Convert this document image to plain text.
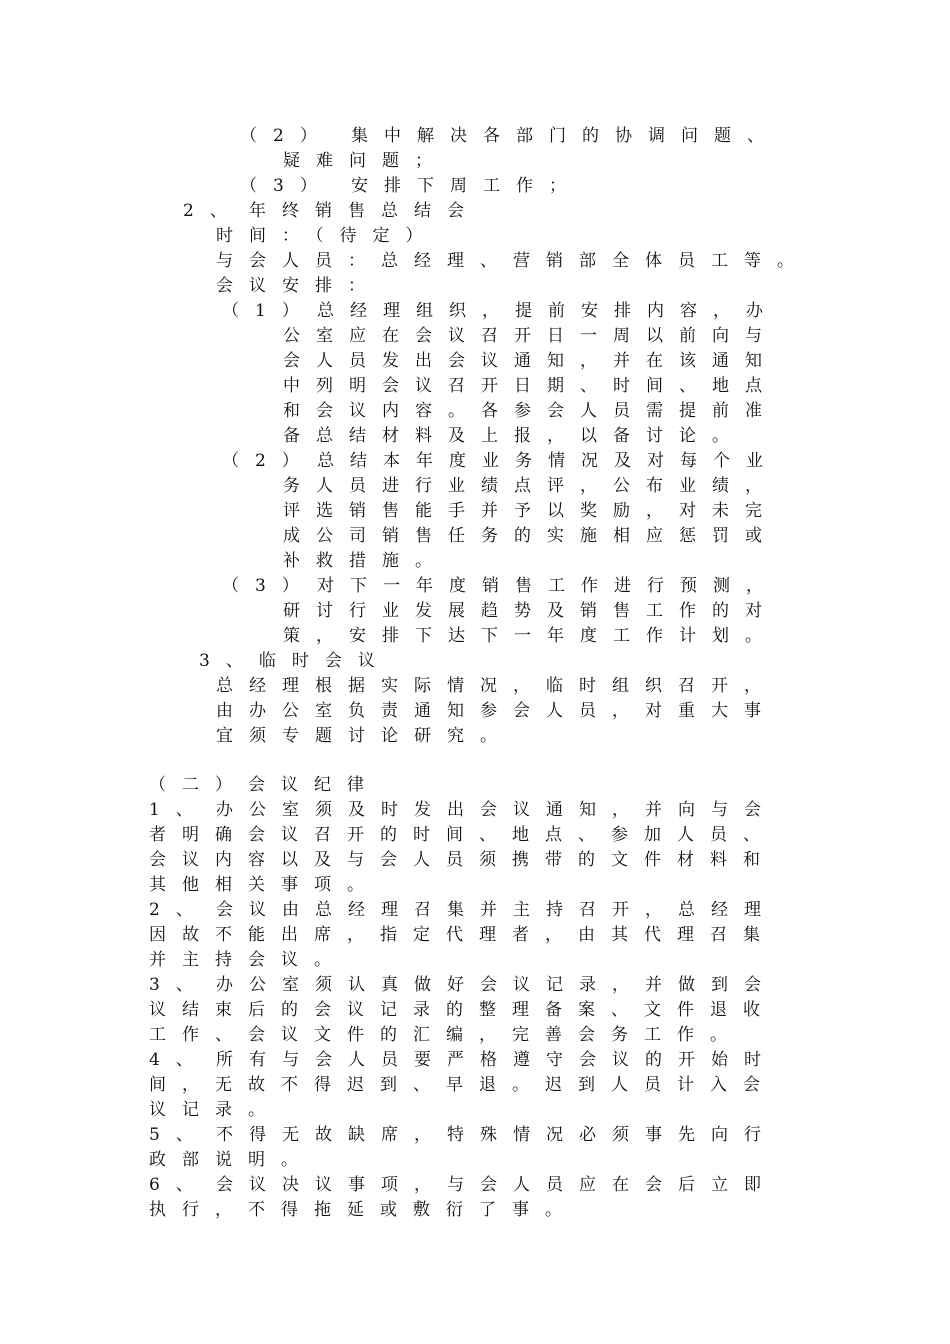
（2） 集中解决各部门的协调问题、
疑难问题；
（3） 安排下周工作；
2、 年终销售总结会
时间：（待定）
与会人员：总经理、营销部全体员工等。
会议安排：
（1） 总经理组织，提前安排内容，办
公室应在会议召开日一周以前向与
会人员发出会议通知，并在该通知
中列明会议召开日期、时间、地点
和会议内容。各参会人员需提前准
备总结材料及上报，以备讨论。
（2） 总结本年度业务情况及对每个业
务人员进行业绩点评，公布业绩，
评选销售能手并予以奖励，对未完
成公司销售任务的实施相应惩罚或
补救措施。
（3） 对下一年度销售工作进行预测，
研讨行业发展趋势及销售工作的对
策，安排下达下一年度工作计划。
3、临时会议
总经理根据实际情况，临时组织召开，
由办公室负责通知参会人员，对重大事
宜须专题讨论研究。
（二）会议纪律
1、 办公室须及时发出会议通知，并向与会
者明确会议召开的时间、地点、参加人员、
会议内容以及与会人员须携带的文件材料和
其他相关事项。
2、 会议由总经理召集并主持召开，总经理
因故不能出席，指定代理者，由其代理召集
并主持会议。
3、 办公室须认真做好会议记录，并做到会
议结束后的会议记录的整理备案、文件退收
工作、会议文件的汇编，完善会务工作。
4、 所有与会人员要严格遵守会议的开始时
间，无故不得迟到、早退。迟到人员计入会
议记录。
5、 不得无故缺席，特殊情况必须事先向行
政部说明。
6、 会议决议事项，与会人员应在会后立即
执行，不得拖延或敷衍了事。
